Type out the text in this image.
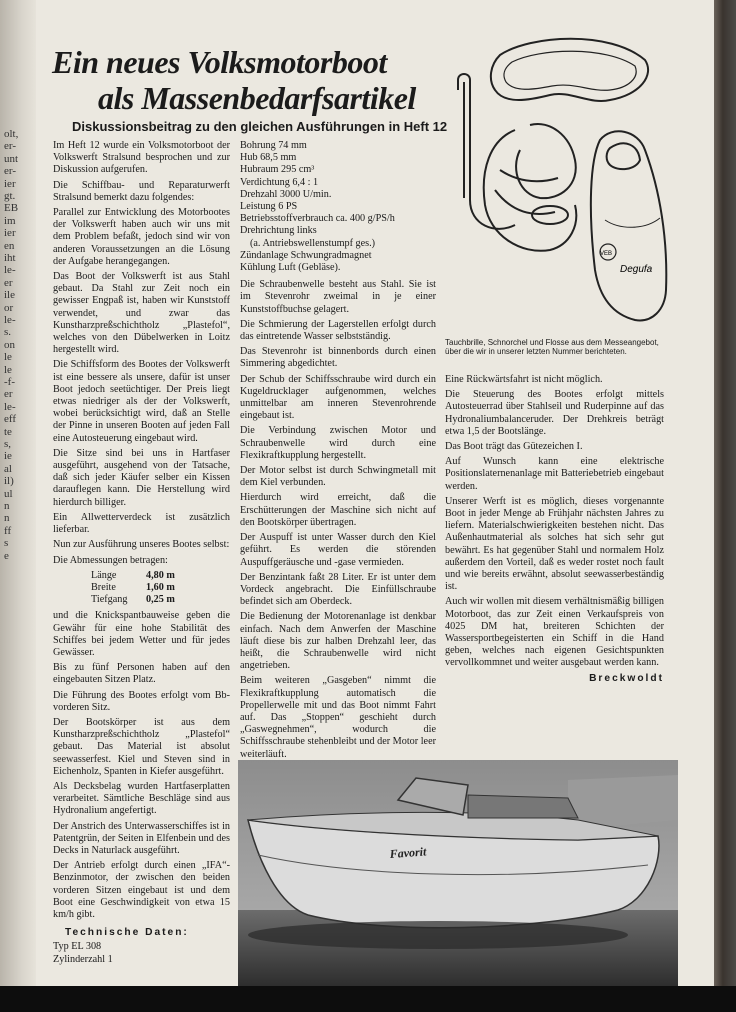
olt,
er-
unt
er-
ier
gt.
EB
im
ier
en
iht
le-
er
ile
or
le-
s.
on
le
le
-f-
er
le-
eff
te
s,
ie
al
il)
ul
n
n
ff
s
e
Ein neues Volksmotorboot
als Massenbedarfsartikel
Diskussionsbeitrag zu den gleichen Ausführungen in Heft 12

Im Heft 12 wurde ein Volksmotorboot der Volkswerft Stralsund besprochen und zur Diskussion aufgerufen.

Die Schiffbau- und Reparaturwerft Stralsund bemerkt dazu folgendes:

Parallel zur Entwicklung des Motorbootes der Volkswerft haben auch wir uns mit dem Problem befaßt, jedoch sind wir von anderen Voraussetzungen an die Lösung der Aufgabe herangegangen.

Das Boot der Volkswerft ist aus Stahl gebaut. Da Stahl zur Zeit noch ein gewisser Engpaß ist, haben wir Kunststoff verwendet, und zwar das Kunstharzpreßschichtholz „Plastefol“, welches von den Dübelwerken in Loitz hergestellt wird.

Die Schiffsform des Bootes der Volkswerft ist eine bessere als unsere, dafür ist unser Boot jedoch seetüchtiger. Der Preis liegt etwas niedriger als der der Volkswerft, wobei berücksichtigt wird, daß an Stelle der Pinne in unseren Booten auf jeden Fall eine Autosteuerung eingebaut wird.

Die Sitze sind bei uns in Hartfaser ausgeführt, ausgehend von der Tatsache, daß sich jeder Käufer selber ein Kissen darauflegen kann. Die Herstellung wird hierdurch billiger.

Ein Allwetterverdeck ist zusätzlich lieferbar.

Nun zur Ausführung unseres Bootes selbst:

Die Abmessungen betragen:

Länge	4,80 m
Breite	1,60 m
Tiefgang	0,25 m

und die Knickspantbauweise geben die Gewähr für eine hohe Stabilität des Schiffes bei jedem Wetter und für jedes Gewässer.

Bis zu fünf Personen haben auf den eingebauten Sitzen Platz.

Die Führung des Bootes erfolgt vom Bb-vorderen Sitz.

Der Bootskörper ist aus dem Kunstharzpreßschichtholz „Plastefol“ gebaut. Das Material ist absolut seewasserfest. Kiel und Steven sind in Eichenholz, Spanten in Kiefer ausgeführt.

Als Decksbelag wurden Hartfaserplatten verarbeitet. Sämtliche Beschläge sind aus Hydronalium angefertigt.

Der Anstrich des Unterwasserschiffes ist in Patentgrün, der Seiten in Elfenbein und des Decks in Naturlack ausgeführt.

Der Antrieb erfolgt durch einen „IFA“-Benzinmotor, der zwischen den beiden vorderen Sitzen eingebaut ist und dem Boot eine Geschwindigkeit von etwa 15 km/h gibt.

Technische Daten:
Typ EL 308
Zylinderzahl 1
Bohrung 74 mm
Hub 68,5 mm
Hubraum 295 cm³
Verdichtung 6,4 : 1
Drehzahl 3000 U/min.
Leistung 6 PS
Betriebsstoffverbrauch ca. 400 g/PS/h
Drehrichtung links
(a. Antriebswellenstumpf ges.)
Zündanlage Schwungradmagnet
Kühlung Luft (Gebläse).

Die Schraubenwelle besteht aus Stahl. Sie ist im Stevenrohr zweimal in je einer Kunststoffbuchse gelagert.

Die Schmierung der Lagerstellen erfolgt durch das eintretende Wasser selbstständig.

Das Stevenrohr ist binnenbords durch einen Simmering abgedichtet.

Der Schub der Schiffsschraube wird durch ein Kugeldrucklager aufgenommen, welches unmittelbar am inneren Stevenrohrende eingebaut ist.

Die Verbindung zwischen Motor und Schraubenwelle wird durch eine Flexikraftkupplung hergestellt.

Der Motor selbst ist durch Schwingmetall mit dem Kiel verbunden.

Hierdurch wird erreicht, daß die Erschütterungen der Maschine sich nicht auf den Bootskörper übertragen.

Der Auspuff ist unter Wasser durch den Kiel geführt. Es werden die störenden Auspuffgeräusche und -gase vermieden.

Der Benzintank faßt 28 Liter. Er ist unter dem Vordeck angebracht. Die Einfüllschraube befindet sich am Oberdeck.

Die Bedienung der Motorenanlage ist denkbar einfach. Nach dem Anwerfen der Maschine läuft diese bis zur halben Drehzahl leer, das heißt, die Schraubenwelle wird nicht angetrieben.

Beim weiteren „Gasgeben“ nimmt die Flexikraftkupplung automatisch die Propellerwelle mit und das Boot nimmt Fahrt auf. Das „Stoppen“ geschieht durch „Gaswegnehmen“, wodurch die Schiffsschraube stehenbleibt und der Motor leer weiterläuft.

VEB
Degufa
Tauchbrille, Schnorchel und Flosse aus dem Messeangebot, über die wir in unserer letzten Nummer berichteten.

Eine Rückwärtsfahrt ist nicht möglich.

Die Steuerung des Bootes erfolgt mittels Autosteuerrad über Stahlseil und Ruderpinne auf das Hydronaliumbalanceruder. Der Drehkreis beträgt etwa 1,5 der Bootslänge.

Das Boot trägt das Gütezeichen I.

Auf Wunsch kann eine elektrische Positionslaternenanlage mit Batteriebetrieb eingebaut werden.

Unserer Werft ist es möglich, dieses vorgenannte Boot in jeder Menge ab Frühjahr nächsten Jahres zu liefern. Materialschwierigkeiten bestehen nicht. Das Außenhautmaterial als solches hat sich sehr gut bewährt. Es hat gegenüber Stahl und normalem Holz außerdem den Vorteil, daß es weder rostet noch fault und wie bereits erwähnt, absolut seewasserbeständig ist.

Auch wir wollen mit diesem verhältnismäßig billigen Motorboot, das zur Zeit einen Verkaufspreis von 4025 DM hat, breiteren Schichten der Wassersportbegeisterten ein Schiff in die Hand geben, welches nach eigenen Gesichtspunkten vervollkommnet und weiter ausgebaut werden kann.

Breckwoldt
Favorit
